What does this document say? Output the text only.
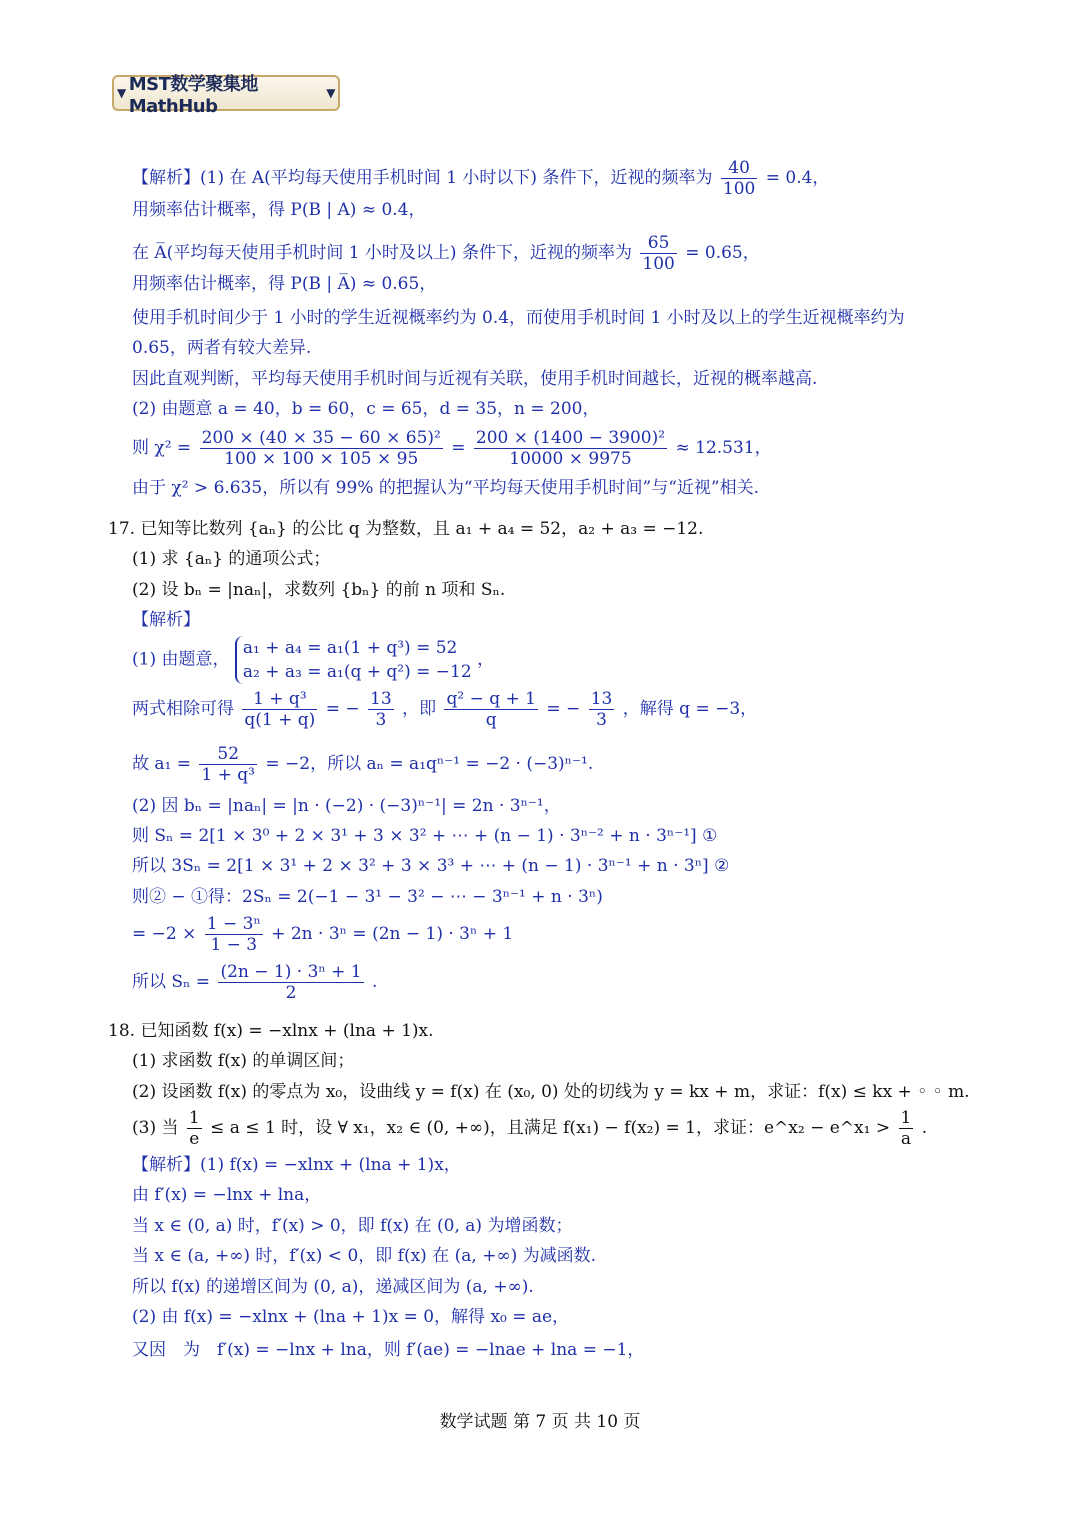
▼ MST数学聚集地MathHub
▼
【解析】(1) 在 A(平均每天使用手机时间 1 小时以下) 条件下，近视的频率为 $\frac{40}{100} = 0.4$，
用频率估计概率，得 P(B | A) ≈ 0.4，
在 A̅(平均每天使用手机时间 1 小时及以上) 条件下，近视的频率为 $\frac{65}{100} = 0.65$，
用频率估计概率，得 P(B | A̅) ≈ 0.65，
使用手机时间少于 1 小时的学生近视概率约为 0.4，而使用手机时间 1 小时及以上的学生近视概率约为
0.65，两者有较大差异.
因此直观判断，平均每天使用手机时间与近视有关联，使用手机时间越长，近视的概率越高.
(2) 由题意 a = 40，b = 60，c = 65，d = 35，n = 200，
则 $\chi^2 = \frac{\text{200 × (40 × 35 − 60 × 65)²}}{100 \times 100 \times 105 \times 95} = \frac{\text{200 × (1400 − 3900)²}}{10000 \times 9975} \approx 12.531$，
由于 χ² > 6.635，所以有 99% 的把握认为“平均每天使用手机时间”与“近视”相关.
17. 已知等比数列 {aₙ} 的公比 q 为整数，且 a₁ + a₄ = 52，a₂ + a₃ = −12.
(1) 求 {aₙ} 的通项公式；
(2) 设 bₙ = |naₙ|，求数列 {bₙ} 的前 n 项和 Sₙ.
【解析】
(1) 由题意，
a₁ + a₄ = a₁(1 + q³) = 52
a₂ + a₃ = a₁(q + q²) = −12
，
两式相除可得 $\frac{\text{1 + q³}}{q(1 + q)}$ = − $\frac{13}{3}$ ，即 $\frac{\text{q² − q + 1}}{q}$ = − $\frac{13}{3}$ ，解得 q = −3，
故 $a_1 = \frac{52}{\text{1 + q³}} = -2$，所以 aₙ = a₁qⁿ⁻¹ = −2 · (−3)ⁿ⁻¹.
(2) 因 bₙ = |naₙ| = |n · (−2) · (−3)ⁿ⁻¹| = 2n · 3ⁿ⁻¹，
则 Sₙ = 2[1 × 3⁰ + 2 × 3¹ + 3 × 3² + ⋯ + (n − 1) · 3ⁿ⁻² + n · 3ⁿ⁻¹] ①
所以 3Sₙ = 2[1 × 3¹ + 2 × 3² + 3 × 3³ + ⋯ + (n − 1) · 3ⁿ⁻¹ + n · 3ⁿ] ②
则② − ①得：2Sₙ = 2(−1 − 3¹ − 3² − ⋯ − 3ⁿ⁻¹ + n · 3ⁿ)
= $-2 \times \frac{\text{1 − 3ⁿ}}{1 - 3} + 2n \cdot 3^n = (2n - 1) \cdot 3^n + 1$
所以 $S_n = \frac{\text{(2n − 1) · 3ⁿ + 1}}{2}$ .
18. 已知函数 f(x) = −xlnx + (lna + 1)x.
(1) 求函数 f(x) 的单调区间；
(2) 设函数 f(x) 的零点为 x₀，设曲线 y = f(x) 在 (x₀, 0) 处的切线为 y = kx + m，求证：f(x) ≤ kx + ◦ ◦ m.
(3) 当 $\frac{1}{e} \le a \le 1$ 时，设 ∀ x₁，x₂ ∈ (0, +∞)，且满足 f(x₁) − f(x₂) = 1，求证：e^x₂ − e^x₁ > $\frac{1}{a}$ .
【解析】(1) f(x) = −xlnx + (lna + 1)x，
由 f′(x) = −lnx + lna，
当 x ∈ (0, a) 时，f′(x) > 0，即 f(x) 在 (0, a) 为增函数；
当 x ∈ (a, +∞) 时，f′(x) < 0，即 f(x) 在 (a, +∞) 为减函数.
所以 f(x) 的递增区间为 (0, a)，递减区间为 (a, +∞).
(2) 由 f(x) = −xlnx + (lna + 1)x = 0，解得 x₀ = ae，
又因　为　f′(x) = −lnx + lna，则 f′(ae) = −lnae + lna = −1，
数学试题 第 7 页 共 10 页
